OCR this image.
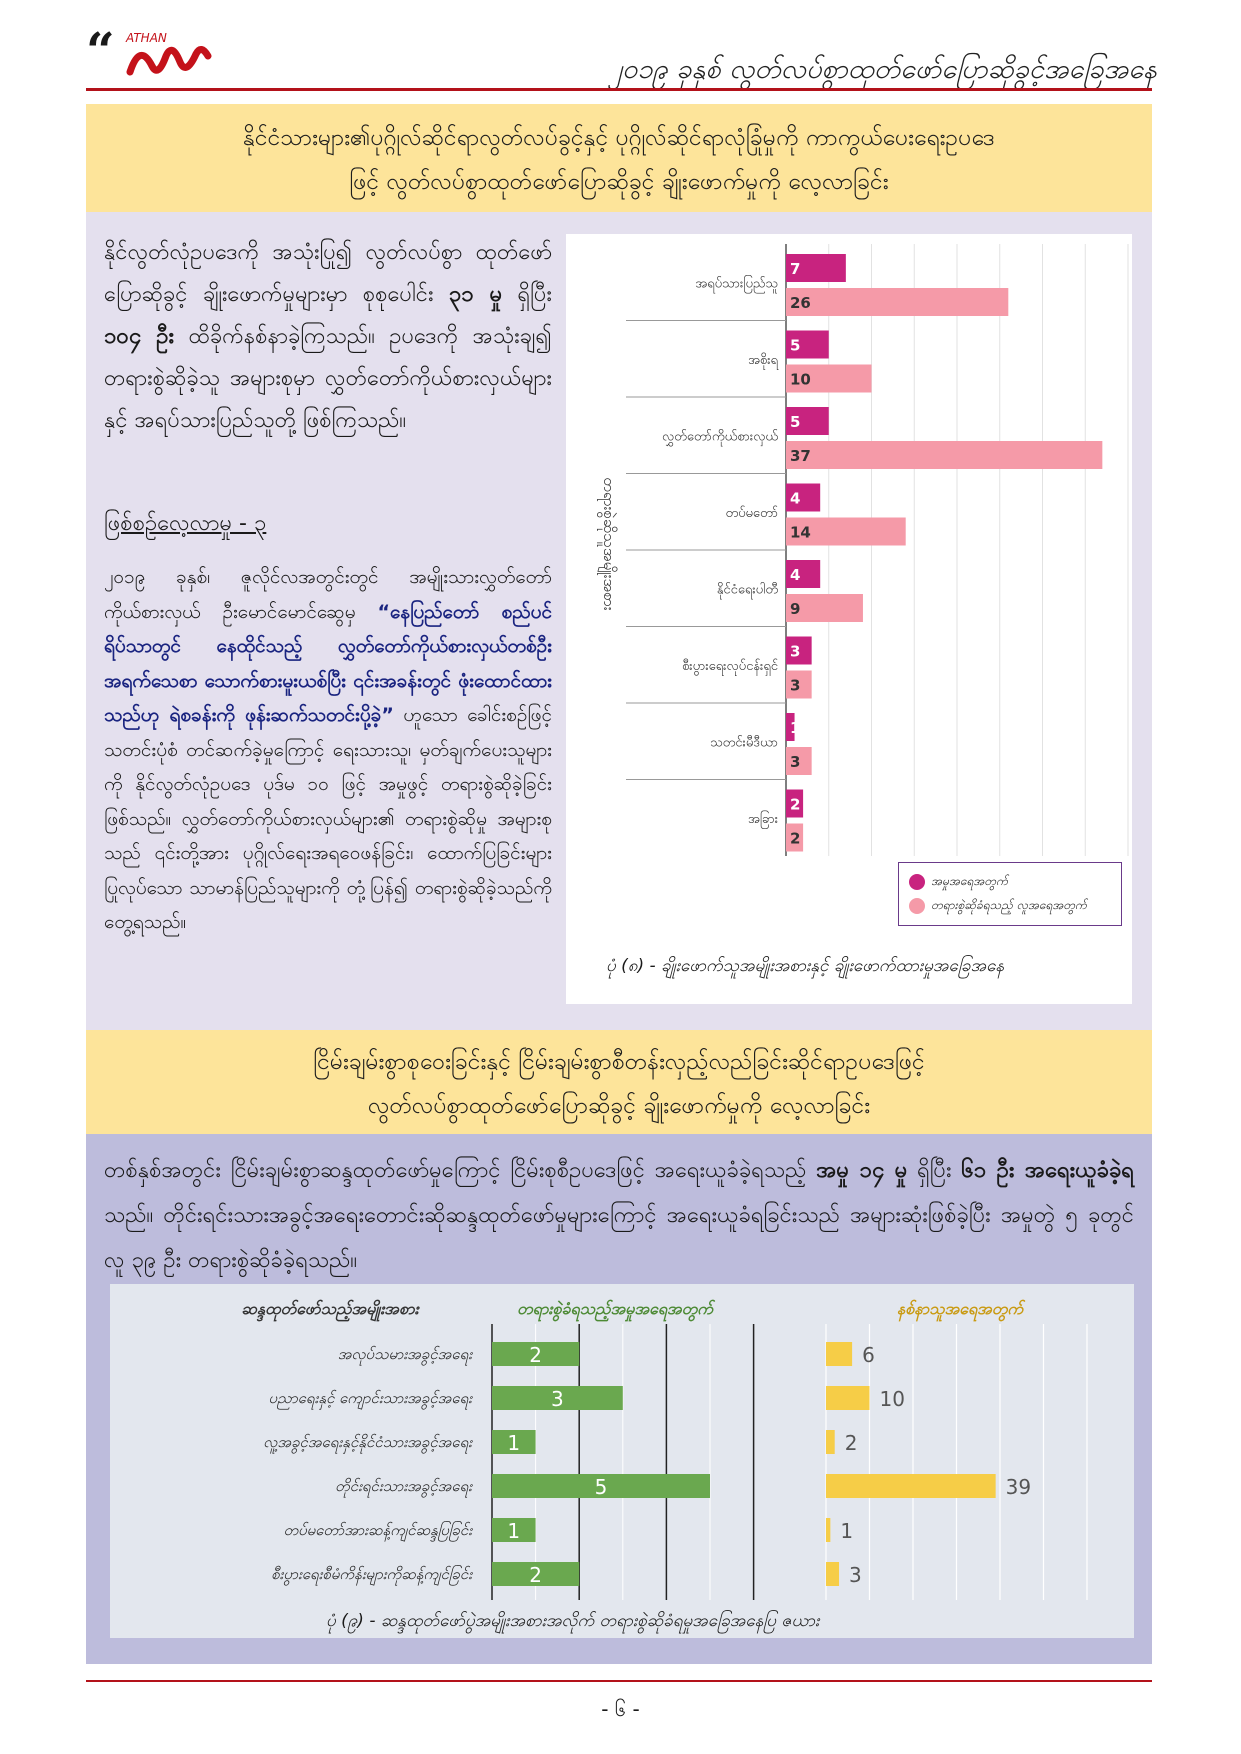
“ ATHAN
၂၀၁၉ ခုနှစ် လွတ်လပ်စွာထုတ်ဖော်ပြောဆိုခွင့်အခြေအနေ
နိုင်ငံသားများ၏ပုဂ္ဂိုလ်ဆိုင်ရာလွတ်လပ်ခွင့်နှင့် ပုဂ္ဂိုလ်ဆိုင်ရာလုံခြုံမှုကို ကာကွယ်ပေးရေးဥပဒေ
ဖြင့် လွတ်လပ်စွာထုတ်ဖော်ပြောဆိုခွင့် ချိုးဖောက်မှုကို လေ့လာခြင်း
နိုင်လွတ်လုံဥပဒေကို အသုံးပြု၍ လွတ်လပ်စွာ ထုတ်ဖော်ပြောဆိုခွင့် ချိုးဖောက်မှုများမှာ စုစုပေါင်း ၃၁ မှု ရှိပြီး ၁၀၄ ဦး ထိခိုက်နစ်နာခဲ့ကြသည်။ ဥပဒေကို အသုံးချ၍ တရားစွဲဆိုခဲ့သူ အများစုမှာ လွှတ်တော်ကိုယ်စားလှယ်များနှင့် အရပ်သားပြည်သူတို့ ဖြစ်ကြသည်။
ဖြစ်စဉ်လေ့လာမှု - ၃
၂၀၁၉ ခုနှစ်၊ ဇူလိုင်လအတွင်းတွင် အမျိုးသားလွှတ်တော်ကိုယ်စားလှယ် ဦးမောင်မောင်ဆွေမှ “နေပြည်တော် စည်ပင်ရိပ်သာတွင် နေထိုင်သည့် လွှတ်တော်ကိုယ်စားလှယ်တစ်ဦး အရက်သေစာ သောက်စားမူးယစ်ပြီး ၎င်းအခန်းတွင် ဖုံးထောင်ထားသည်ဟု ရဲစခန်းကို ဖုန်းဆက်သတင်းပို့ခဲ့” ဟူသော ခေါင်းစဉ်ဖြင့် သတင်းပုံစံ တင်ဆက်ခဲ့မှုကြောင့် ရေးသားသူ၊ မှတ်ချက်ပေးသူများကို နိုင်လွတ်လုံဥပဒေ ပုဒ်မ ၁၀ ဖြင့် အမှုဖွင့် တရားစွဲဆိုခဲ့ခြင်း ဖြစ်သည်။ လွှတ်တော်ကိုယ်စားလှယ်များ၏ တရားစွဲဆိုမှု အများစုသည် ၎င်းတို့အား ပုဂ္ဂိုလ်ရေးအရဝေဖန်ခြင်း၊ ထောက်ပြခြင်းများပြုလုပ်သော သာမာန်ပြည်သူများကို တုံ့ပြန်၍ တရားစွဲဆိုခဲ့သည်ကို တွေ့ရသည်။
တရားစွဲဆိုသူအမျိုးအစား
အရပ်သားပြည်သူ
7
26
အစိုးရ
5
10
လွှတ်တော်ကိုယ်စားလှယ်
5
37
တပ်မတော်
4
14
နိုင်ငံရေးပါတီ
4
9
စီးပွားရေးလုပ်ငန်းရှင်
3
3
သတင်းမီဒီယာ
1
3
အခြား
2
2
အမှုအရေအတွက်
တရားစွဲဆိုခံရသည့် လူအရေအတွက်
ပုံ (၈) - ချိုးဖောက်သူအမျိုးအစားနှင့် ချိုးဖောက်ထားမှုအခြေအနေ
ငြိမ်းချမ်းစွာစုဝေးခြင်းနှင့် ငြိမ်းချမ်းစွာစီတန်းလှည့်လည်ခြင်းဆိုင်ရာဥပဒေဖြင့်
လွတ်လပ်စွာထုတ်ဖော်ပြောဆိုခွင့် ချိုးဖောက်မှုကို လေ့လာခြင်း
တစ်နှစ်အတွင်း ငြိမ်းချမ်းစွာဆန္ဒထုတ်ဖော်မှုကြောင့် ငြိမ်းစုစီဥပဒေဖြင့် အရေးယူခံခဲ့ရသည့် အမှု ၁၄ မှု ရှိပြီး ၆၁ ဦး အရေးယူခံခဲ့ရ သည်။ တိုင်းရင်းသားအခွင့်အရေးတောင်းဆိုဆန္ဒထုတ်ဖော်မှုများကြောင့် အရေးယူခံရခြင်းသည် အများဆုံးဖြစ်ခဲ့ပြီး အမှုတွဲ ၅ ခုတွင် လူ ၃၉ ဦး တရားစွဲဆိုခံခဲ့ရသည်။
ဆန္ဒထုတ်ဖော်သည့်အမျိုးအစား	တရားစွဲခံရသည့်အမှုအရေအတွက်	နစ်နာသူအရေအတွက်
အလုပ်သမားအခွင့်အရေး	2	6
ပညာရေးနှင့် ကျောင်းသားအခွင့်အရေး	3	10
လူ့အခွင့်အရေးနှင့်နိုင်ငံသားအခွင့်အရေး 1	2
တိုင်းရင်းသားအခွင့်အရေး	5	39
တပ်မတော်အားဆန့်ကျင်ဆန္ဒပြခြင်း 1	1
စီးပွားရေးစီမံကိန်းများကိုဆန့်ကျင်ခြင်း	2	3
ပုံ (၉) - ဆန္ဒထုတ်ဖော်ပွဲအမျိုးအစားအလိုက် တရားစွဲဆိုခံရမှုအခြေအနေပြ ဇယား
- ၆ -
